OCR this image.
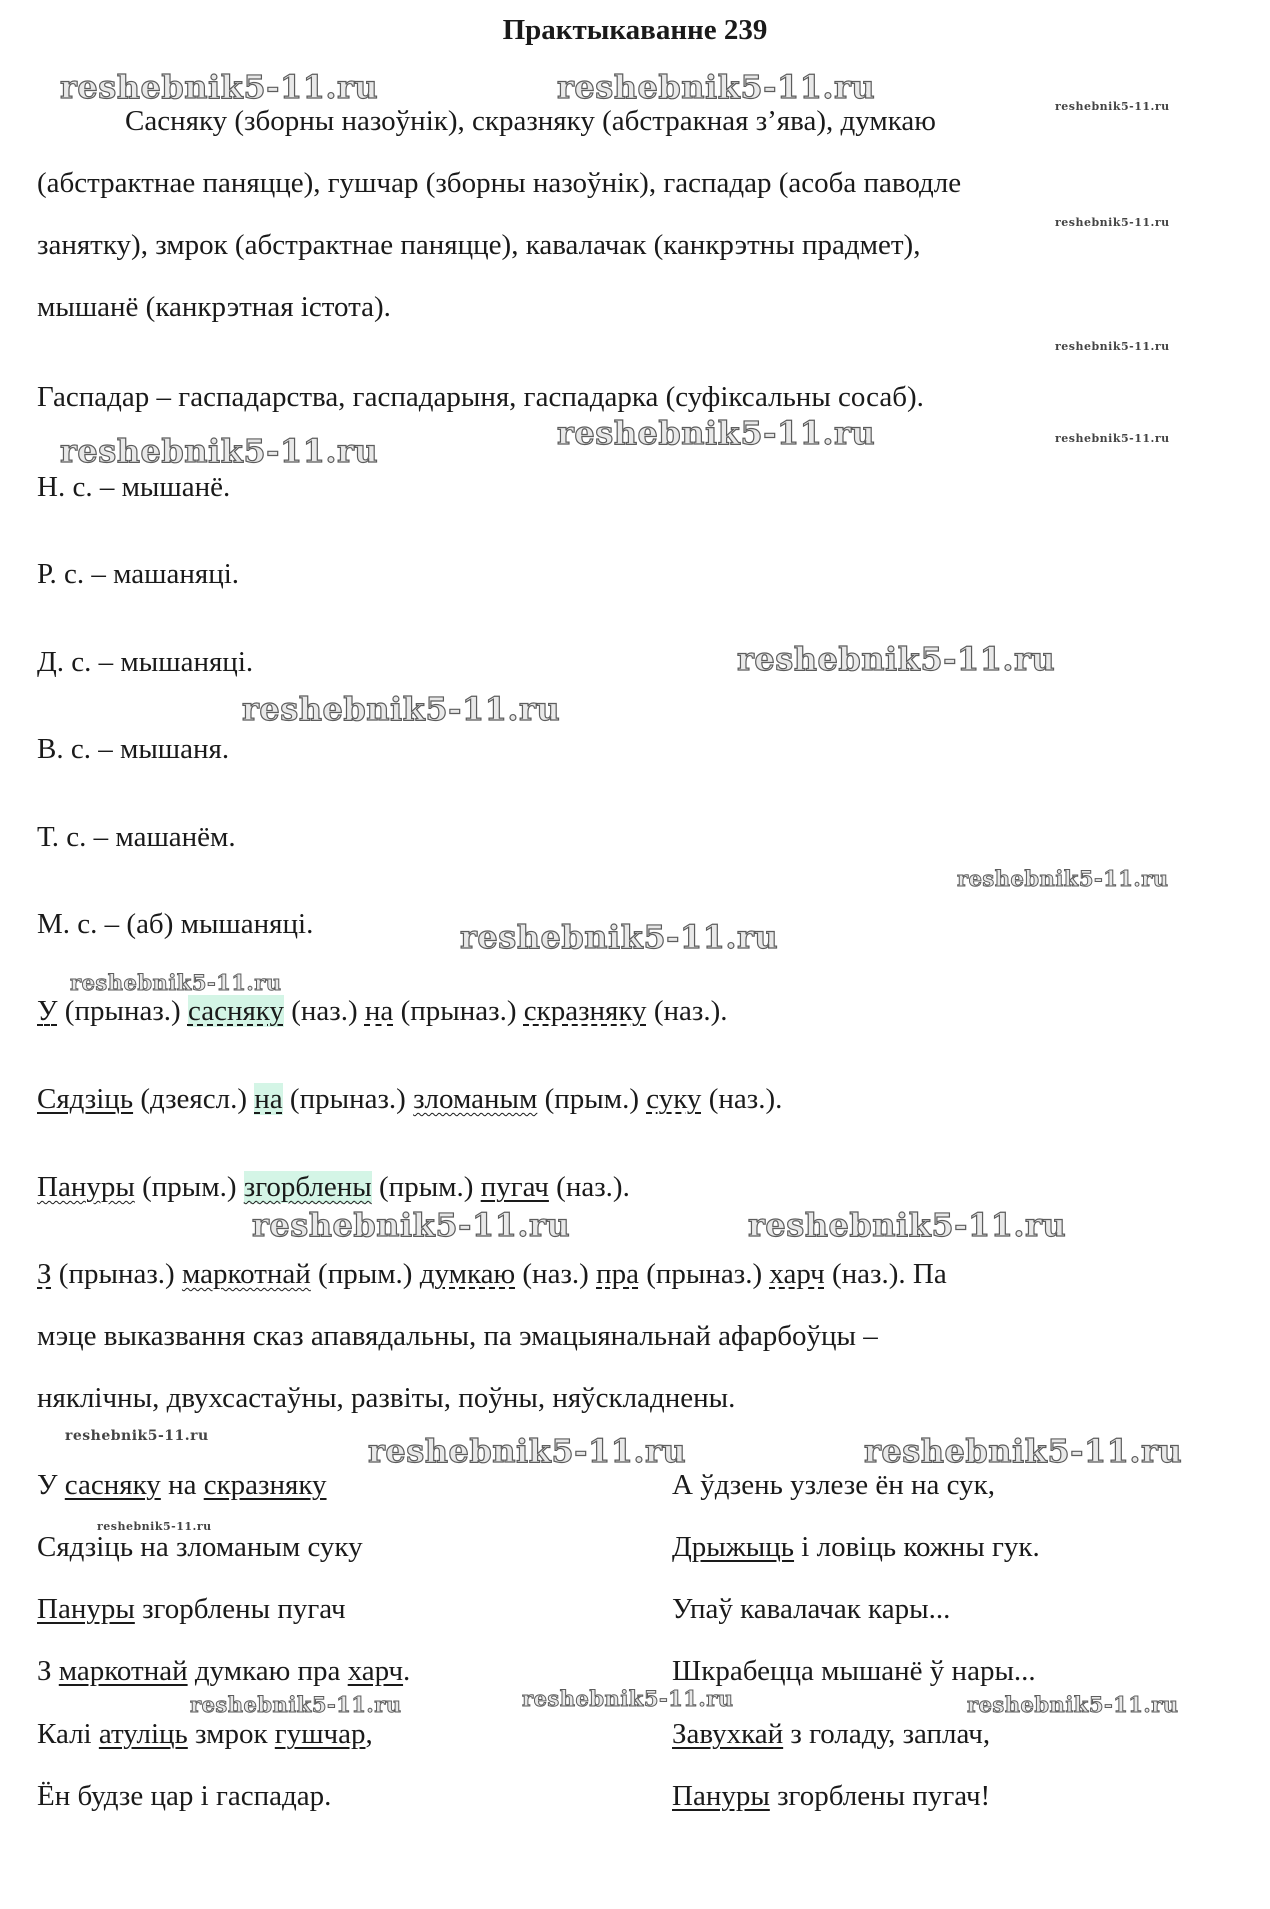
Практыкаванне 239
Сасняку (зборны назоўнік), скразняку (абстракная з’ява), думкаю
(абстрактнае паняцце), гушчар (зборны назоўнік), гаспадар (асоба паводле
занятку), змрок (абстрактнае паняцце), кавалачак (канкрэтны прадмет),
мышанё (канкрэтная істота).
Гаспадар – гаспадарства, гаспадарыня, гаспадарка (суфіксальны сосаб).
Н. с. – мышанё.
Р. с. – машаняці.
Д. с. – мышаняці.
В. с. – мышаня.
Т. с. – машанём.
М. с. – (аб) мышаняці.
У (прыназ.) сасняку (наз.) на (прыназ.) скразняку (наз.).
Сядзіць (дзеясл.) на (прыназ.) зломаным (прым.) суку (наз.).
Пануры (прым.) згорблены (прым.) пугач (наз.).
З (прыназ.) маркотнай (прым.) думкаю (наз.) пра (прыназ.) харч (наз.). Па
мэце выказвання сказ апавядальны, па эмацыянальнай афарбоўцы –
няклічны, двухсастаўны, развіты, поўны, няўскладнены.
У сасняку на скразняку
Сядзіць на зломаным суку
Пануры згорблены пугач
З маркотнай думкаю пра харч.
Калі атуліць змрок гушчар,
Ён будзе цар і гаспадар.
А ўдзень узлезе ён на сук,
Дрыжыць і ловіць кожны гук.
Упаў кавалачак кары...
Шкрабецца мышанё ў нары...
Завухкай з голаду, заплач,
Пануры згорблены пугач!
reshebnik5-11.ru	reshebnik5-11.ru
reshebnik5-11.ru
reshebnik5-11.ru
reshebnik5-11.ru
reshebnik5-11.ru
reshebnik5-11.ru
reshebnik5-11.ru
reshebnik5-11.ru
reshebnik5-11.ru
reshebnik5-11.ru
reshebnik5-11.ru
reshebnik5-11.ru
reshebnik5-11.ru	reshebnik5-11.ru
reshebnik5-11.ru	reshebnik5-11.ru	reshebnik5-11.ru
reshebnik5-11.ru
reshebnik5-11.ru	reshebnik5-11.ru	reshebnik5-11.ru
